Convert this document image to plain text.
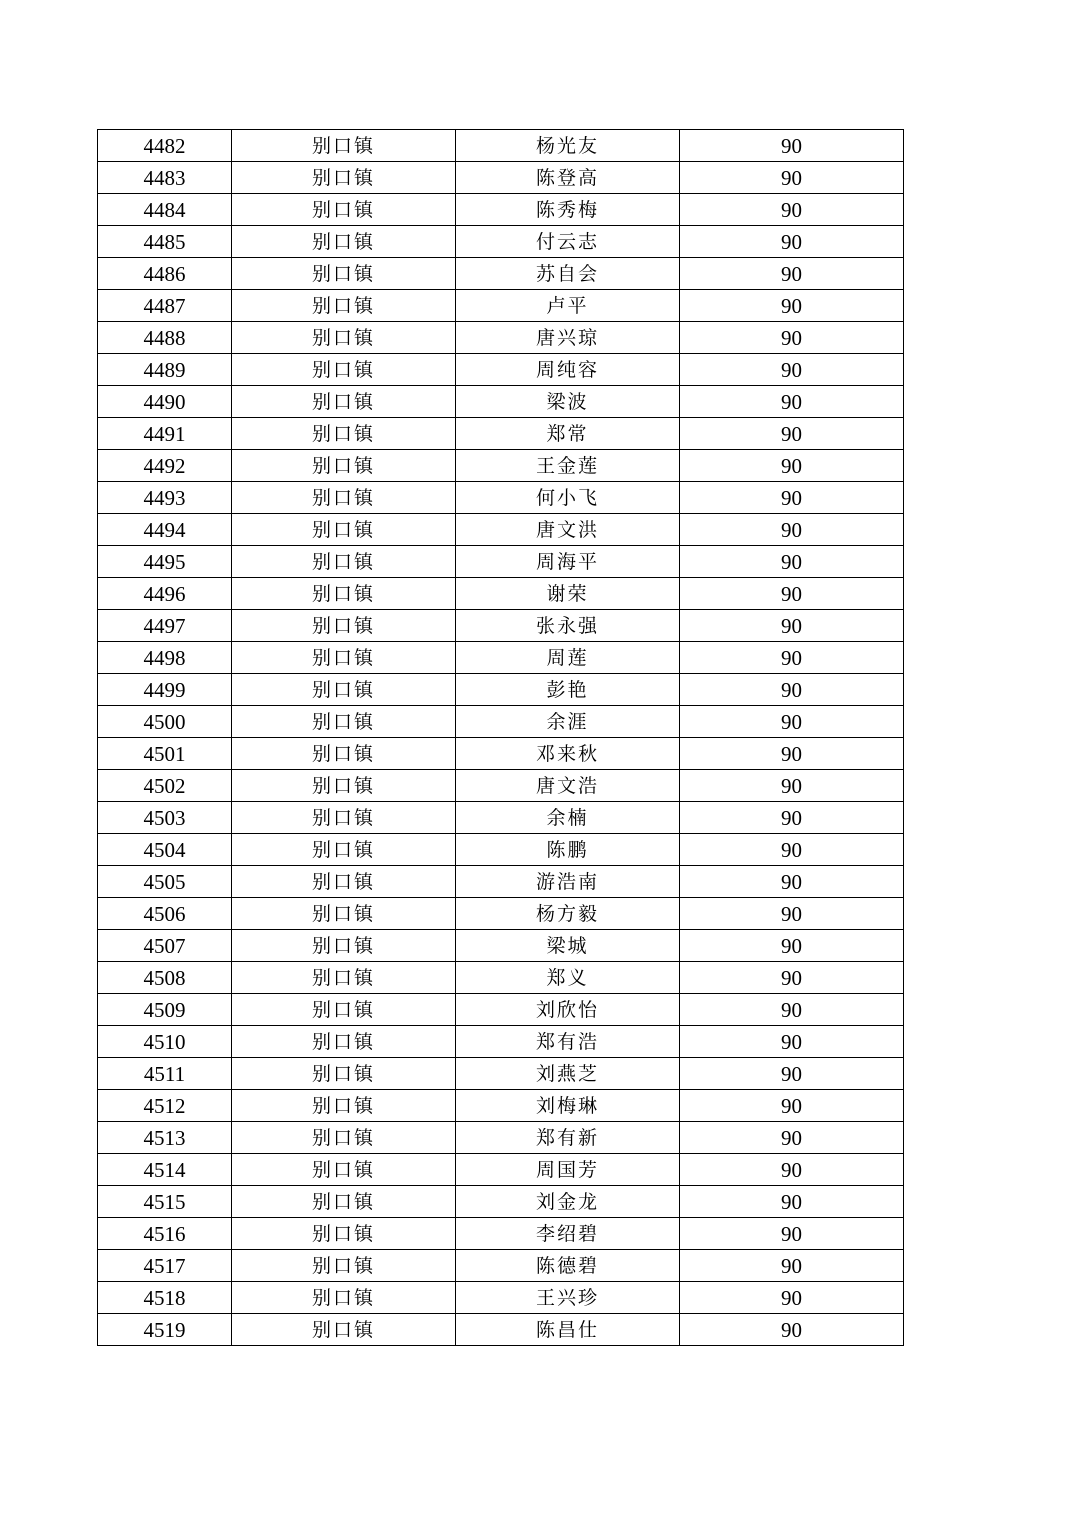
4482	别口镇	杨光友	90
4483	别口镇	陈登高	90
4484	别口镇	陈秀梅	90
4485	别口镇	付云志	90
4486	别口镇	苏自会	90
4487	别口镇	卢平	90
4488	别口镇	唐兴琼	90
4489	别口镇	周纯容	90
4490	别口镇	梁波	90
4491	别口镇	郑常	90
4492	别口镇	王金莲	90
4493	别口镇	何小飞	90
4494	别口镇	唐文洪	90
4495	别口镇	周海平	90
4496	别口镇	谢荣	90
4497	别口镇	张永强	90
4498	别口镇	周莲	90
4499	别口镇	彭艳	90
4500	别口镇	余涯	90
4501	别口镇	邓来秋	90
4502	别口镇	唐文浩	90
4503	别口镇	余楠	90
4504	别口镇	陈鹏	90
4505	别口镇	游浩南	90
4506	别口镇	杨方毅	90
4507	别口镇	梁城	90
4508	别口镇	郑义	90
4509	别口镇	刘欣怡	90
4510	别口镇	郑有浩	90
4511	别口镇	刘燕芝	90
4512	别口镇	刘梅琳	90
4513	别口镇	郑有新	90
4514	别口镇	周国芳	90
4515	别口镇	刘金龙	90
4516	别口镇	李绍碧	90
4517	别口镇	陈德碧	90
4518	别口镇	王兴珍	90
4519	别口镇	陈昌仕	90
